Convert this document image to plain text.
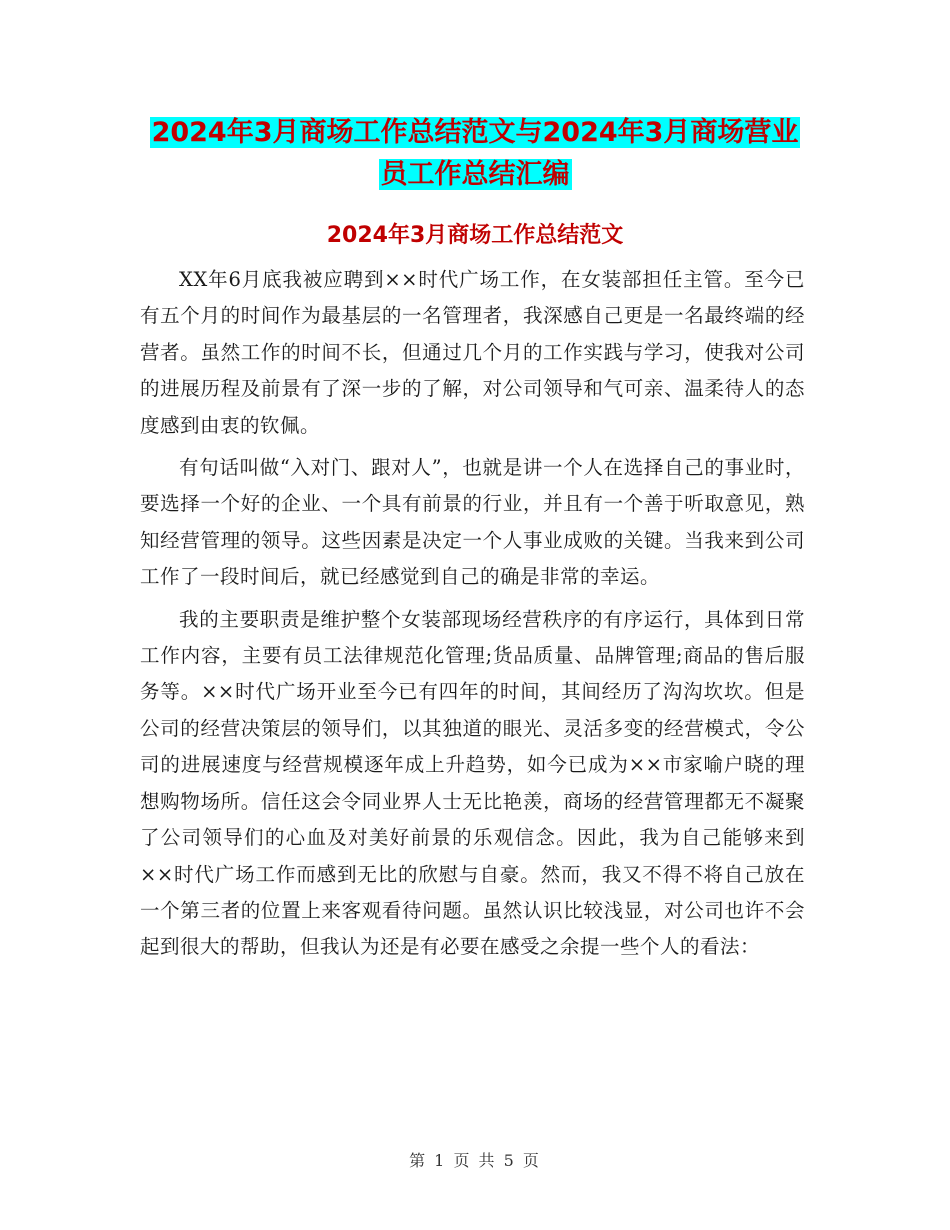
2024年3月商场工作总结范文与2024年3月商场营业
员工作总结汇编
2024年3月商场工作总结范文

XX年6月底我被应聘到××时代广场工作，在女装部担任主管。至今已有五个月的时间作为最基层的一名管理者，我深感自己更是一名最终端的经营者。虽然工作的时间不长，但通过几个月的工作实践与学习，使我对公司的进展历程及前景有了深一步的了解，对公司领导和气可亲、温柔待人的态度感到由衷的钦佩。

有句话叫做“入对门、跟对人”，也就是讲一个人在选择自己的事业时，要选择一个好的企业、一个具有前景的行业，并且有一个善于听取意见，熟知经营管理的领导。这些因素是决定一个人事业成败的关键。当我来到公司工作了一段时间后，就已经感觉到自己的确是非常的幸运。

我的主要职责是维护整个女装部现场经营秩序的有序运行，具体到日常工作内容，主要有员工法律规范化管理;货品质量、品牌管理;商品的售后服务等。××时代广场开业至今已有四年的时间，其间经历了沟沟坎坎。但是公司的经营决策层的领导们，以其独道的眼光、灵活多变的经营模式，令公司的进展速度与经营规模逐年成上升趋势，如今已成为××市家喻户晓的理想购物场所。信任这会令同业界人士无比艳羡，商场的经营管理都无不凝聚了公司领导们的心血及对美好前景的乐观信念。因此，我为自己能够来到××时代广场工作而感到无比的欣慰与自豪。然而，我又不得不将自己放在一个第三者的位置上来客观看待问题。虽然认识比较浅显，对公司也许不会起到很大的帮助，但我认为还是有必要在感受之余提一些个人的看法：

第 1 页 共 5 页
